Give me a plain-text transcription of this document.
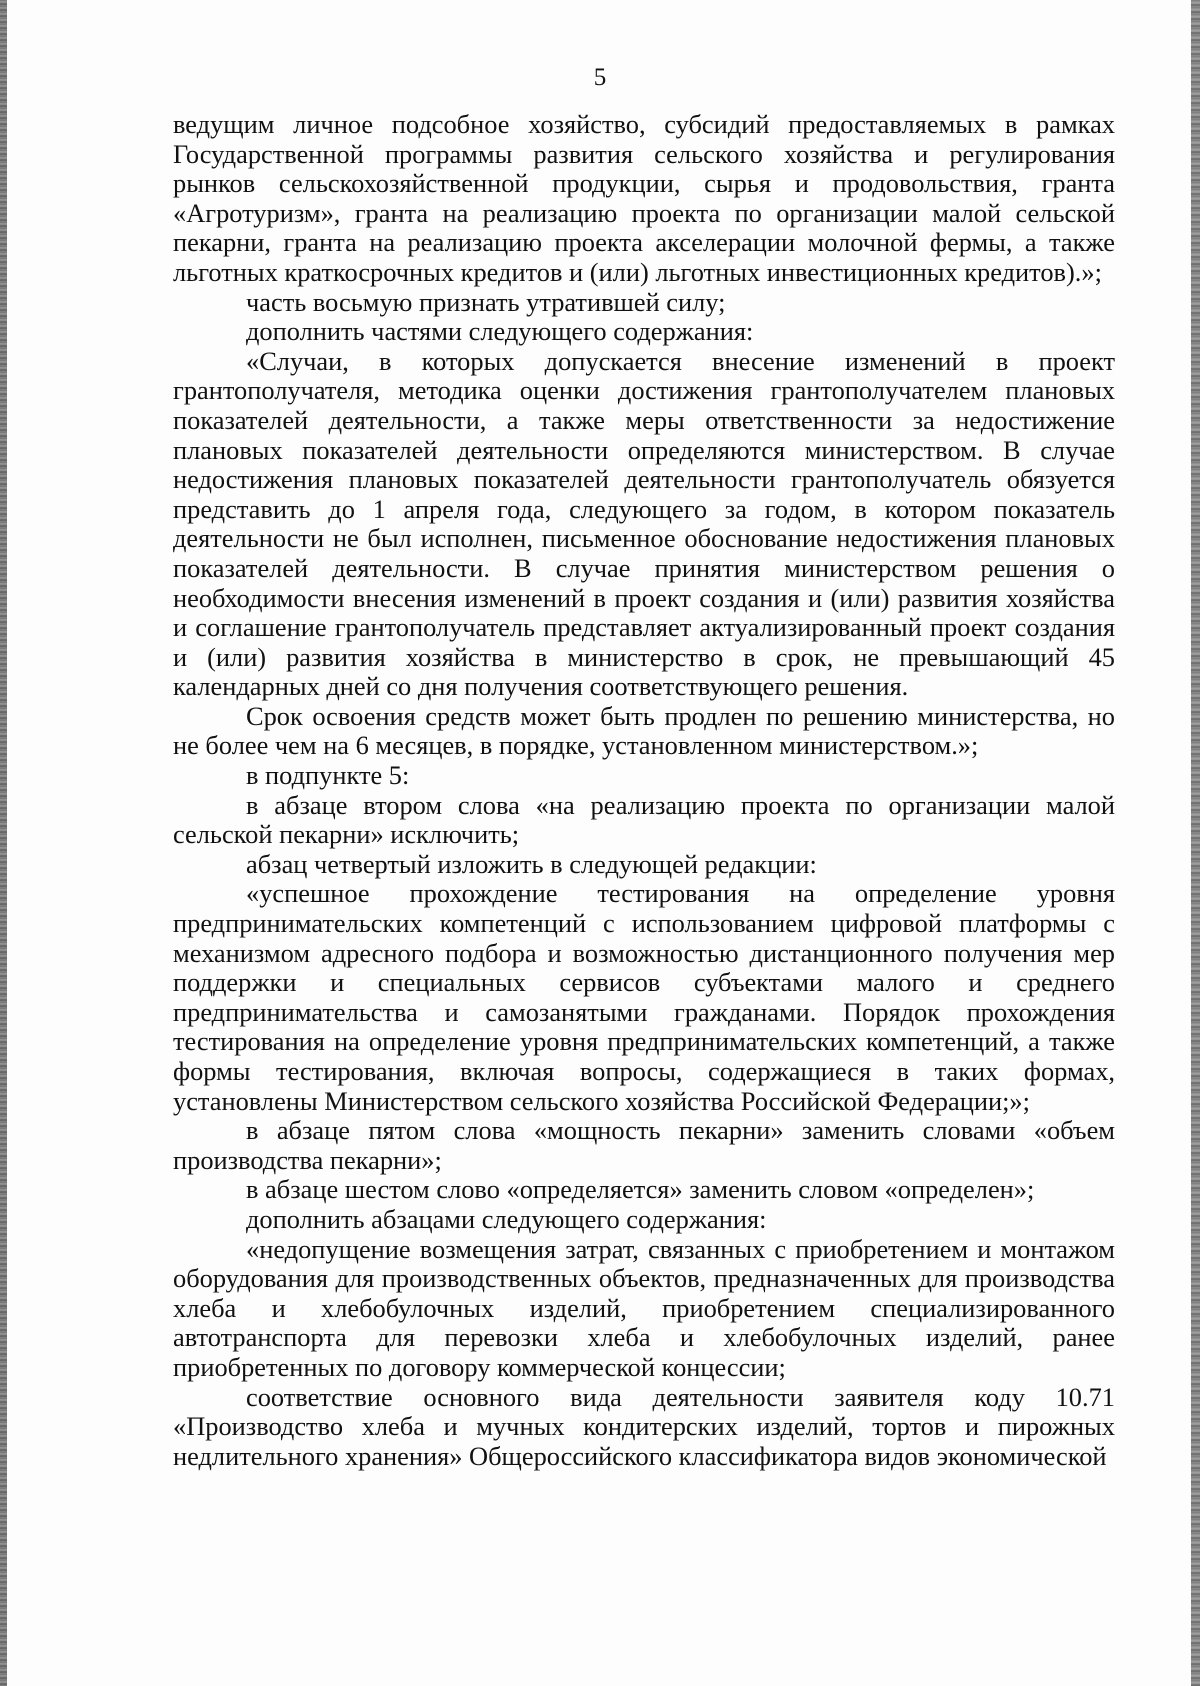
5

ведущим личное подсобное хозяйство, субсидий предоставляемых в рамках Государственной программы развития сельского хозяйства и регулирования рынков сельскохозяйственной продукции, сырья и продовольствия, гранта «Агротуризм», гранта на реализацию проекта по организации малой сельской пекарни, гранта на реализацию проекта акселерации молочной фермы, а также льготных краткосрочных кредитов и (или) льготных инвестиционных кредитов).»;

часть восьмую признать утратившей силу;

дополнить частями следующего содержания:

«Случаи, в которых допускается внесение изменений в проект грантополучателя, методика оценки достижения грантополучателем плановых показателей деятельности, а также меры ответственности за недостижение плановых показателей деятельности определяются министерством. В случае недостижения плановых показателей деятельности грантополучатель обязуется представить до 1 апреля года, следующего за годом, в котором показатель деятельности не был исполнен, письменное обоснование недостижения плановых показателей деятельности. В случае принятия министерством решения о необходимости внесения изменений в проект создания и (или) развития хозяйства и соглашение грантополучатель представляет актуализированный проект создания и (или) развития хозяйства в министерство в срок, не превышающий 45 календарных дней со дня получения соответствующего решения.

Срок освоения средств может быть продлен по решению министерства, но не более чем на 6 месяцев, в порядке, установленном министерством.»;

в подпункте 5:

в абзаце втором слова «на реализацию проекта по организации малой сельской пекарни» исключить;

абзац четвертый изложить в следующей редакции:

«успешное прохождение тестирования на определение уровня предпринимательских компетенций с использованием цифровой платформы с механизмом адресного подбора и возможностью дистанционного получения мер поддержки и специальных сервисов субъектами малого и среднего предпринимательства и самозанятыми гражданами. Порядок прохождения тестирования на определение уровня предпринимательских компетенций, а также формы тестирования, включая вопросы, содержащиеся в таких формах, установлены Министерством сельского хозяйства Российской Федерации;»;

в абзаце пятом слова «мощность пекарни» заменить словами «объем производства пекарни»;

в абзаце шестом слово «определяется» заменить словом «определен»;

дополнить абзацами следующего содержания:

«недопущение возмещения затрат, связанных с приобретением и монтажом оборудования для производственных объектов, предназначенных для производства хлеба и хлебобулочных изделий, приобретением специализированного автотранспорта для перевозки хлеба и хлебобулочных изделий, ранее приобретенных по договору коммерческой концессии;

соответствие основного вида деятельности заявителя коду 10.71 «Производство хлеба и мучных кондитерских изделий, тортов и пирожных недлительного хранения» Общероссийского классификатора видов экономической
